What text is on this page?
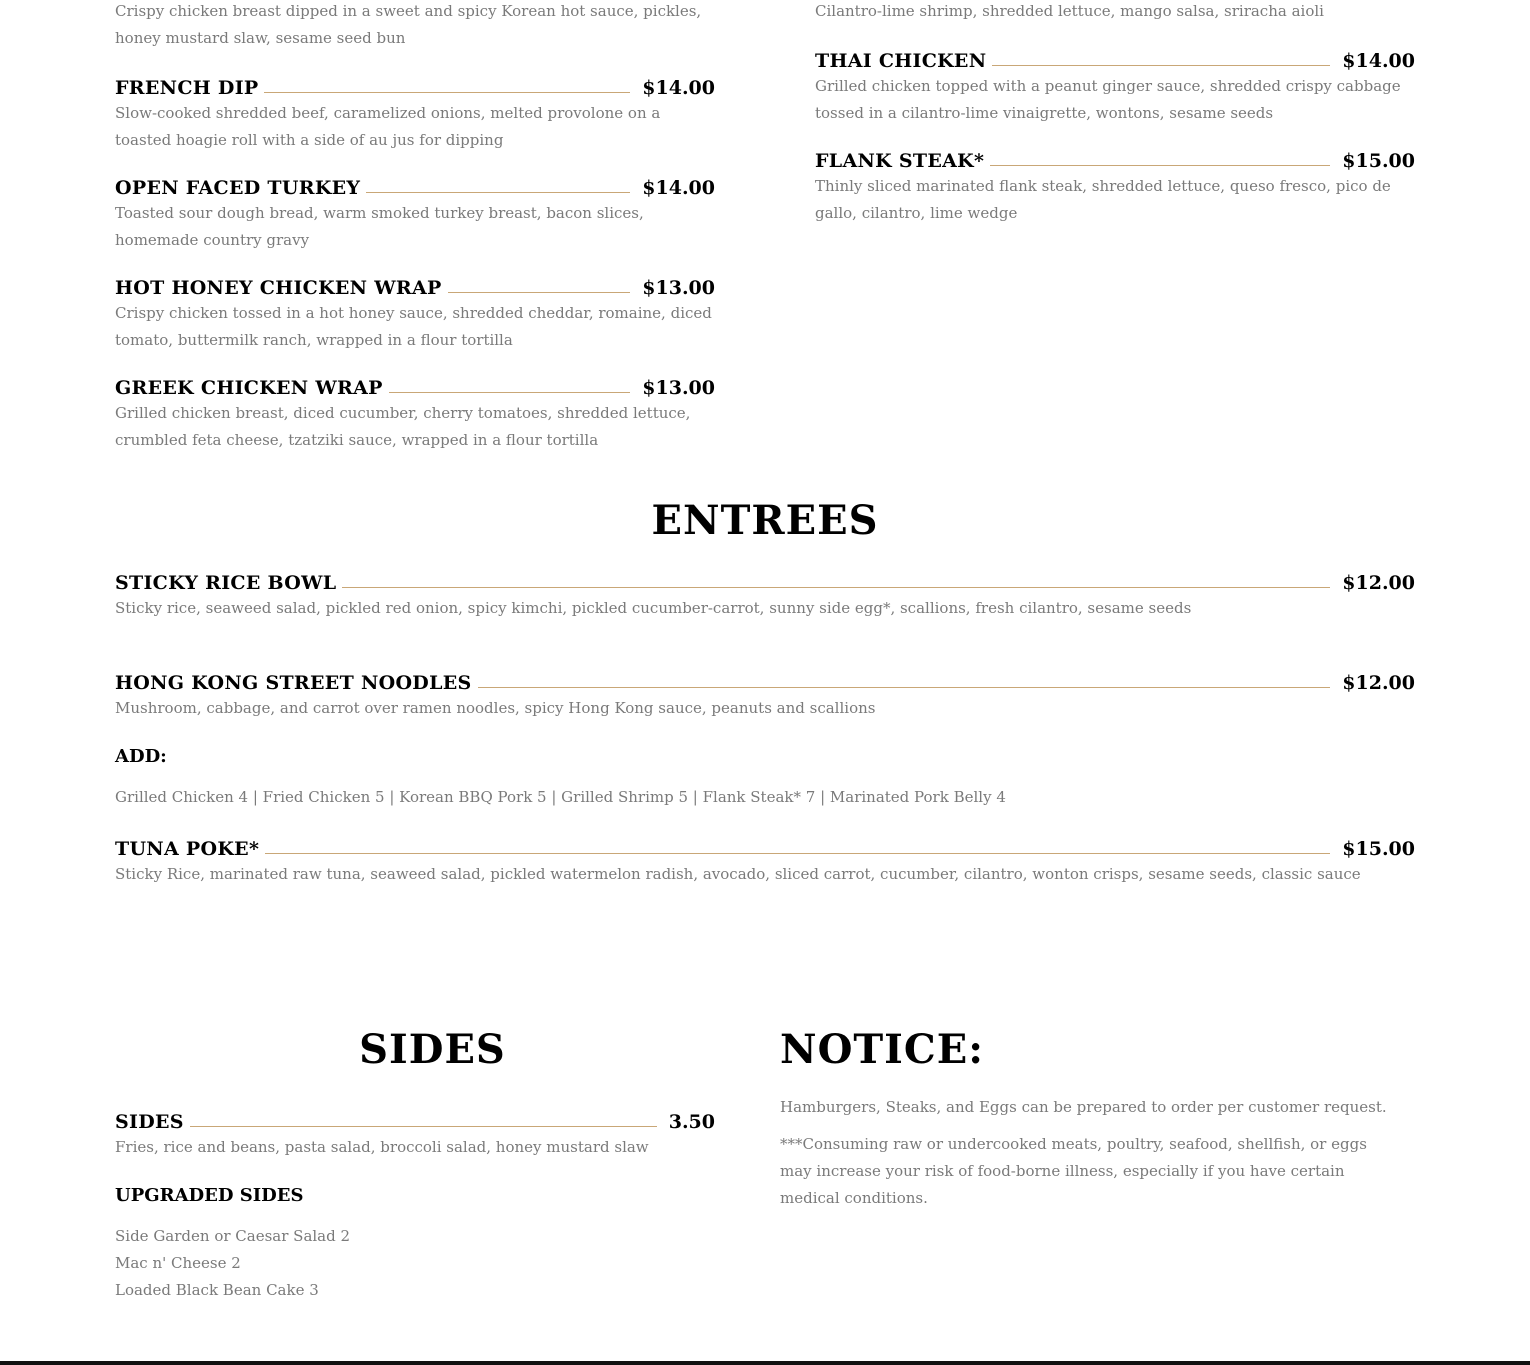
Crispy chicken breast dipped in a sweet and spicy Korean hot sauce, pickles, honey mustard slaw, sesame seed bun
FRENCH DIP	$14.00
Slow-cooked shredded beef, caramelized onions, melted provolone on a toasted hoagie roll with a side of au jus for dipping
OPEN FACED TURKEY	$14.00
Toasted sour dough bread, warm smoked turkey breast, bacon slices, homemade country gravy
HOT HONEY CHICKEN WRAP	$13.00
Crispy chicken tossed in a hot honey sauce, shredded cheddar, romaine, diced tomato, buttermilk ranch, wrapped in a flour tortilla
GREEK CHICKEN WRAP	$13.00
Grilled chicken breast, diced cucumber, cherry tomatoes, shredded lettuce, crumbled feta cheese, tzatziki sauce, wrapped in a flour tortilla
Cilantro-lime shrimp, shredded lettuce, mango salsa, sriracha aioli
THAI CHICKEN	$14.00
Grilled chicken topped with a peanut ginger sauce, shredded crispy cabbage tossed in a cilantro-lime vinaigrette, wontons, sesame seeds
FLANK STEAK*	$15.00
Thinly sliced marinated flank steak, shredded lettuce, queso fresco, pico de gallo, cilantro, lime wedge
ENTREES
STICKY RICE BOWL	$12.00
Sticky rice, seaweed salad, pickled red onion, spicy kimchi, pickled cucumber-carrot, sunny side egg*, scallions, fresh cilantro, sesame seeds
HONG KONG STREET NOODLES	$12.00
Mushroom, cabbage, and carrot over ramen noodles, spicy Hong Kong sauce, peanuts and scallions
ADD:
Grilled Chicken 4 | Fried Chicken 5 | Korean BBQ Pork 5 | Grilled Shrimp 5 | Flank Steak* 7 | Marinated Pork Belly 4
TUNA POKE*	$15.00
Sticky Rice, marinated raw tuna, seaweed salad, pickled watermelon radish, avocado, sliced carrot, cucumber, cilantro, wonton crisps, sesame seeds, classic sauce
SIDES
SIDES	3.50
Fries, rice and beans, pasta salad, broccoli salad, honey mustard slaw
UPGRADED SIDES
Side Garden or Caesar Salad 2
Mac n' Cheese 2
Loaded Black Bean Cake 3
NOTICE:
Hamburgers, Steaks, and Eggs can be prepared to order per customer request.
***Consuming raw or undercooked meats, poultry, seafood, shellfish, or eggs may increase your risk of food-borne illness, especially if you have certain medical conditions.
